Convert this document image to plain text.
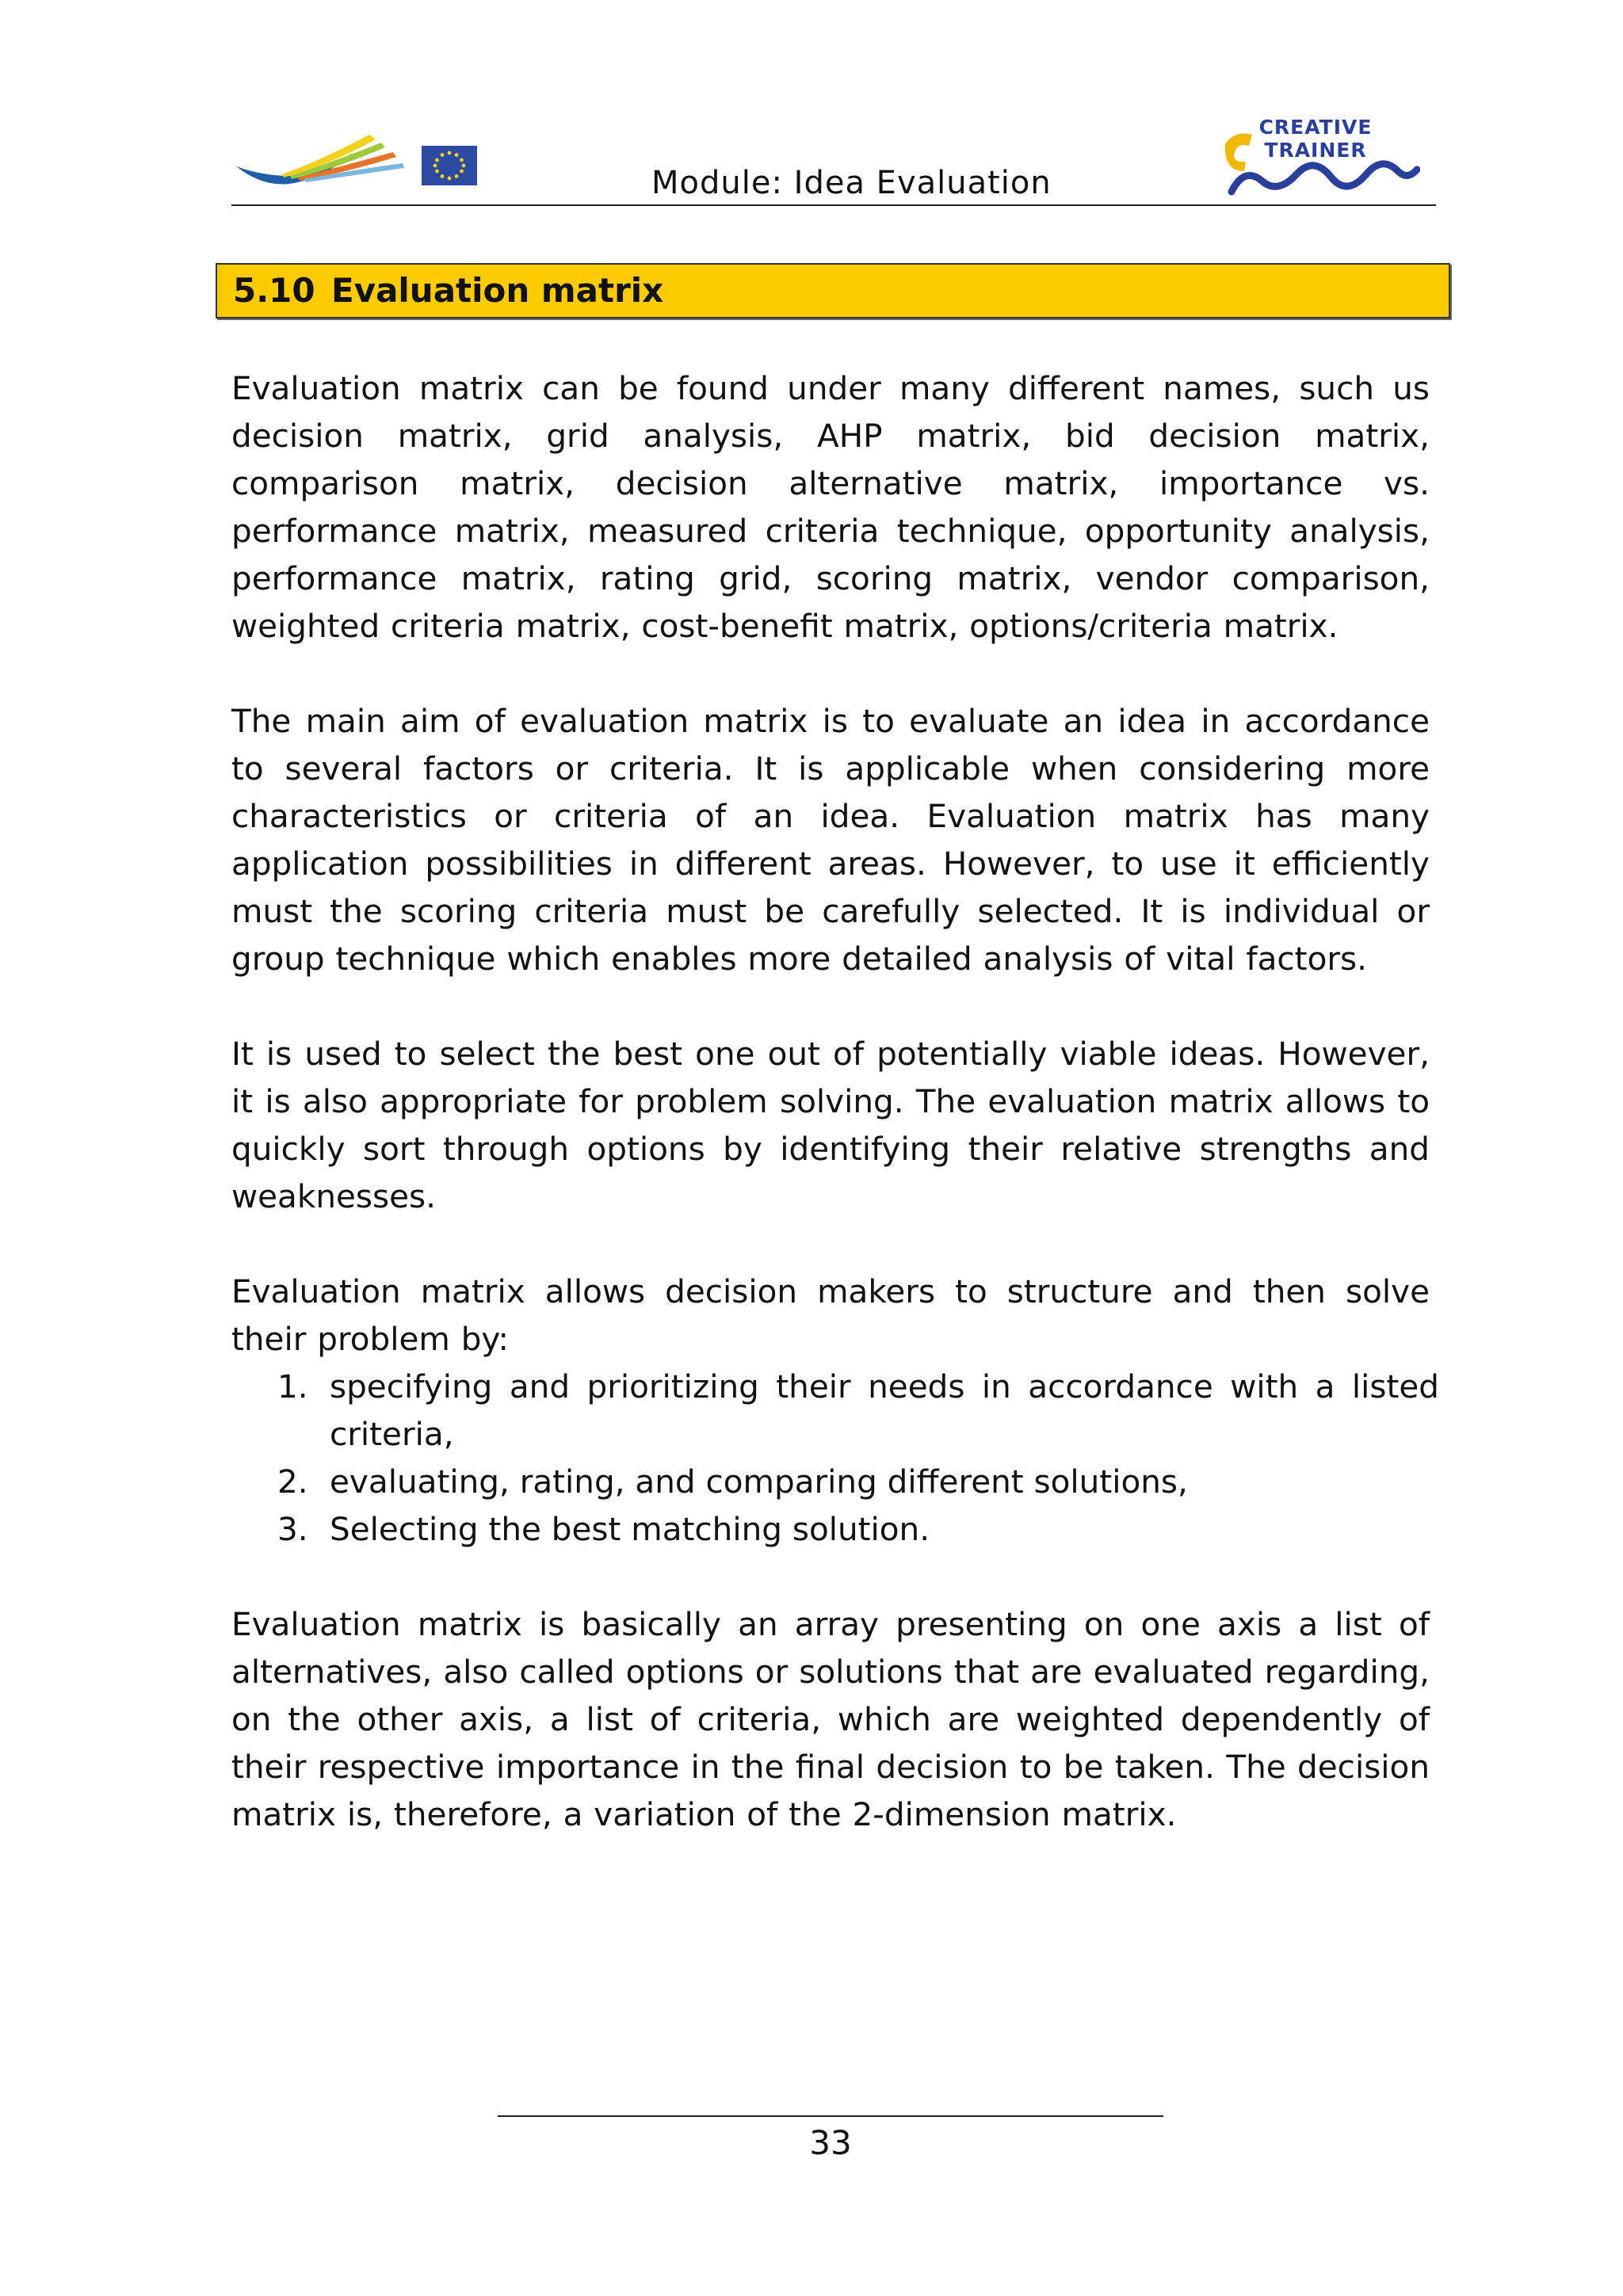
Module: Idea Evaluation
CREATIVE
TRAINER
5.10 Evaluation matrix

Evaluation matrix can be found under many different names, such us decision matrix, grid analysis, AHP matrix, bid decision matrix, comparison matrix, decision alternative matrix, importance vs. performance matrix, measured criteria technique, opportunity analysis, performance matrix, rating grid, scoring matrix, vendor comparison, weighted criteria matrix, cost-benefit matrix, options/criteria matrix.

The main aim of evaluation matrix is to evaluate an idea in accordance to several factors or criteria. It is applicable when considering more characteristics or criteria of an idea. Evaluation matrix has many application possibilities in different areas. However, to use it efficiently must the scoring criteria must be carefully selected. It is individual or group technique which enables more detailed analysis of vital factors.

It is used to select the best one out of potentially viable ideas. However, it is also appropriate for problem solving. The evaluation matrix allows to quickly sort through options by identifying their relative strengths and weaknesses.

Evaluation matrix allows decision makers to structure and then solve their problem by:

1. specifying and prioritizing their needs in accordance with a listed criteria,
2. evaluating, rating, and comparing different solutions,
3. Selecting the best matching solution.

Evaluation matrix is basically an array presenting on one axis a list of alternatives, also called options or solutions that are evaluated regarding, on the other axis, a list of criteria, which are weighted dependently of their respective importance in the final decision to be taken. The decision matrix is, therefore, a variation of the 2-dimension matrix.

33
